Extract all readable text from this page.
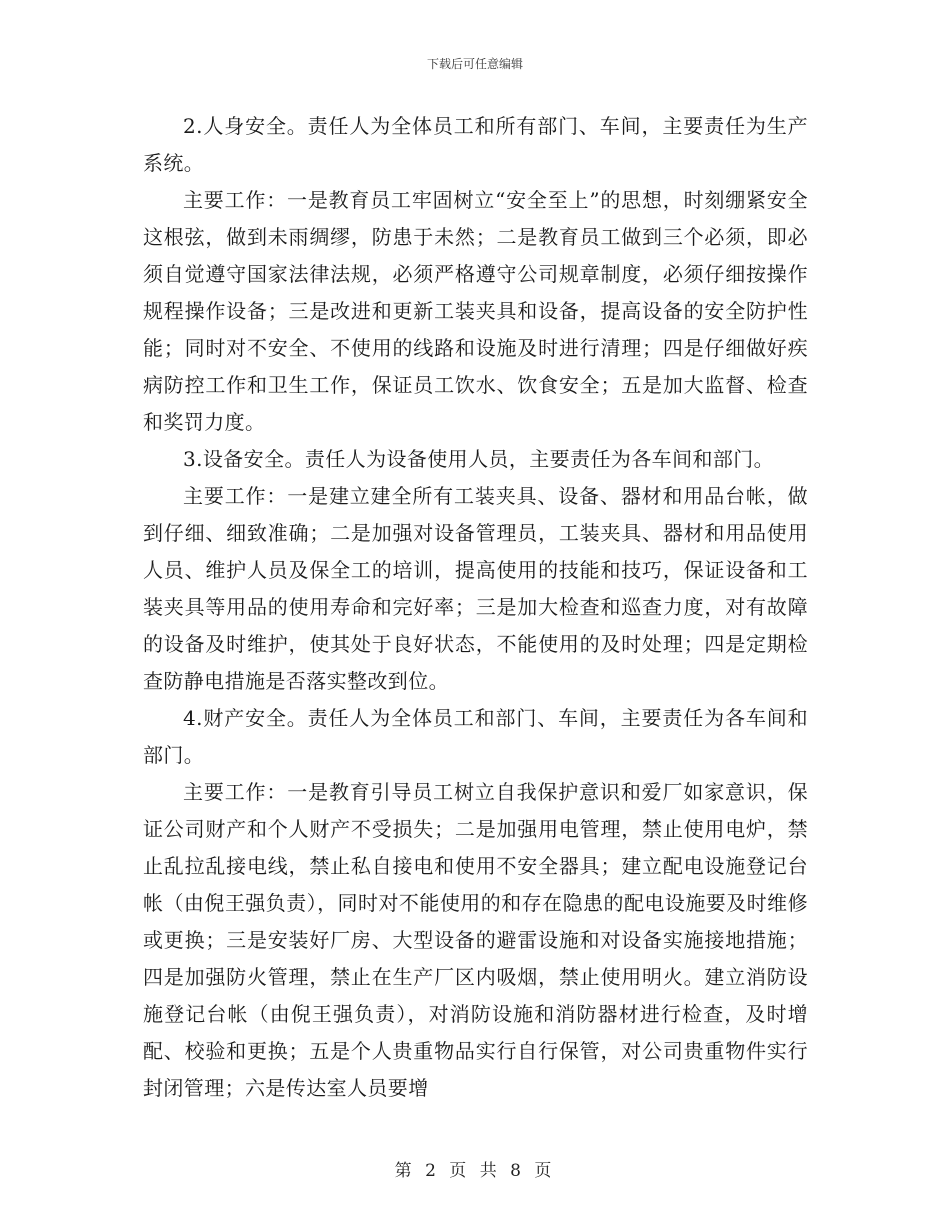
下载后可任意编辑

2.人身安全。责任人为全体员工和所有部门、车间，主要责任为生产系统。

主要工作：一是教育员工牢固树立“安全至上”的思想，时刻绷紧安全这根弦，做到未雨绸缪，防患于未然；二是教育员工做到三个必须，即必须自觉遵守国家法律法规，必须严格遵守公司规章制度，必须仔细按操作规程操作设备；三是改进和更新工装夹具和设备，提高设备的安全防护性能；同时对不安全、不使用的线路和设施及时进行清理；四是仔细做好疾病防控工作和卫生工作，保证员工饮水、饮食安全；五是加大监督、检查和奖罚力度。

3.设备安全。责任人为设备使用人员，主要责任为各车间和部门。

主要工作：一是建立建全所有工装夹具、设备、器材和用品台帐，做到仔细、细致准确；二是加强对设备管理员，工装夹具、器材和用品使用人员、维护人员及保全工的培训，提高使用的技能和技巧，保证设备和工装夹具等用品的使用寿命和完好率；三是加大检查和巡查力度，对有故障的设备及时维护，使其处于良好状态，不能使用的及时处理；四是定期检查防静电措施是否落实整改到位。

4.财产安全。责任人为全体员工和部门、车间，主要责任为各车间和部门。

主要工作：一是教育引导员工树立自我保护意识和爱厂如家意识，保证公司财产和个人财产不受损失；二是加强用电管理，禁止使用电炉，禁止乱拉乱接电线，禁止私自接电和使用不安全器具；建立配电设施登记台帐（由倪王强负责），同时对不能使用的和存在隐患的配电设施要及时维修或更换；三是安装好厂房、大型设备的避雷设施和对设备实施接地措施；四是加强防火管理，禁止在生产厂区内吸烟，禁止使用明火。建立消防设施登记台帐（由倪王强负责），对消防设施和消防器材进行检查，及时增配、校验和更换；五是个人贵重物品实行自行保管，对公司贵重物件实行封闭管理；六是传达室人员要增

第 2 页 共 8 页
